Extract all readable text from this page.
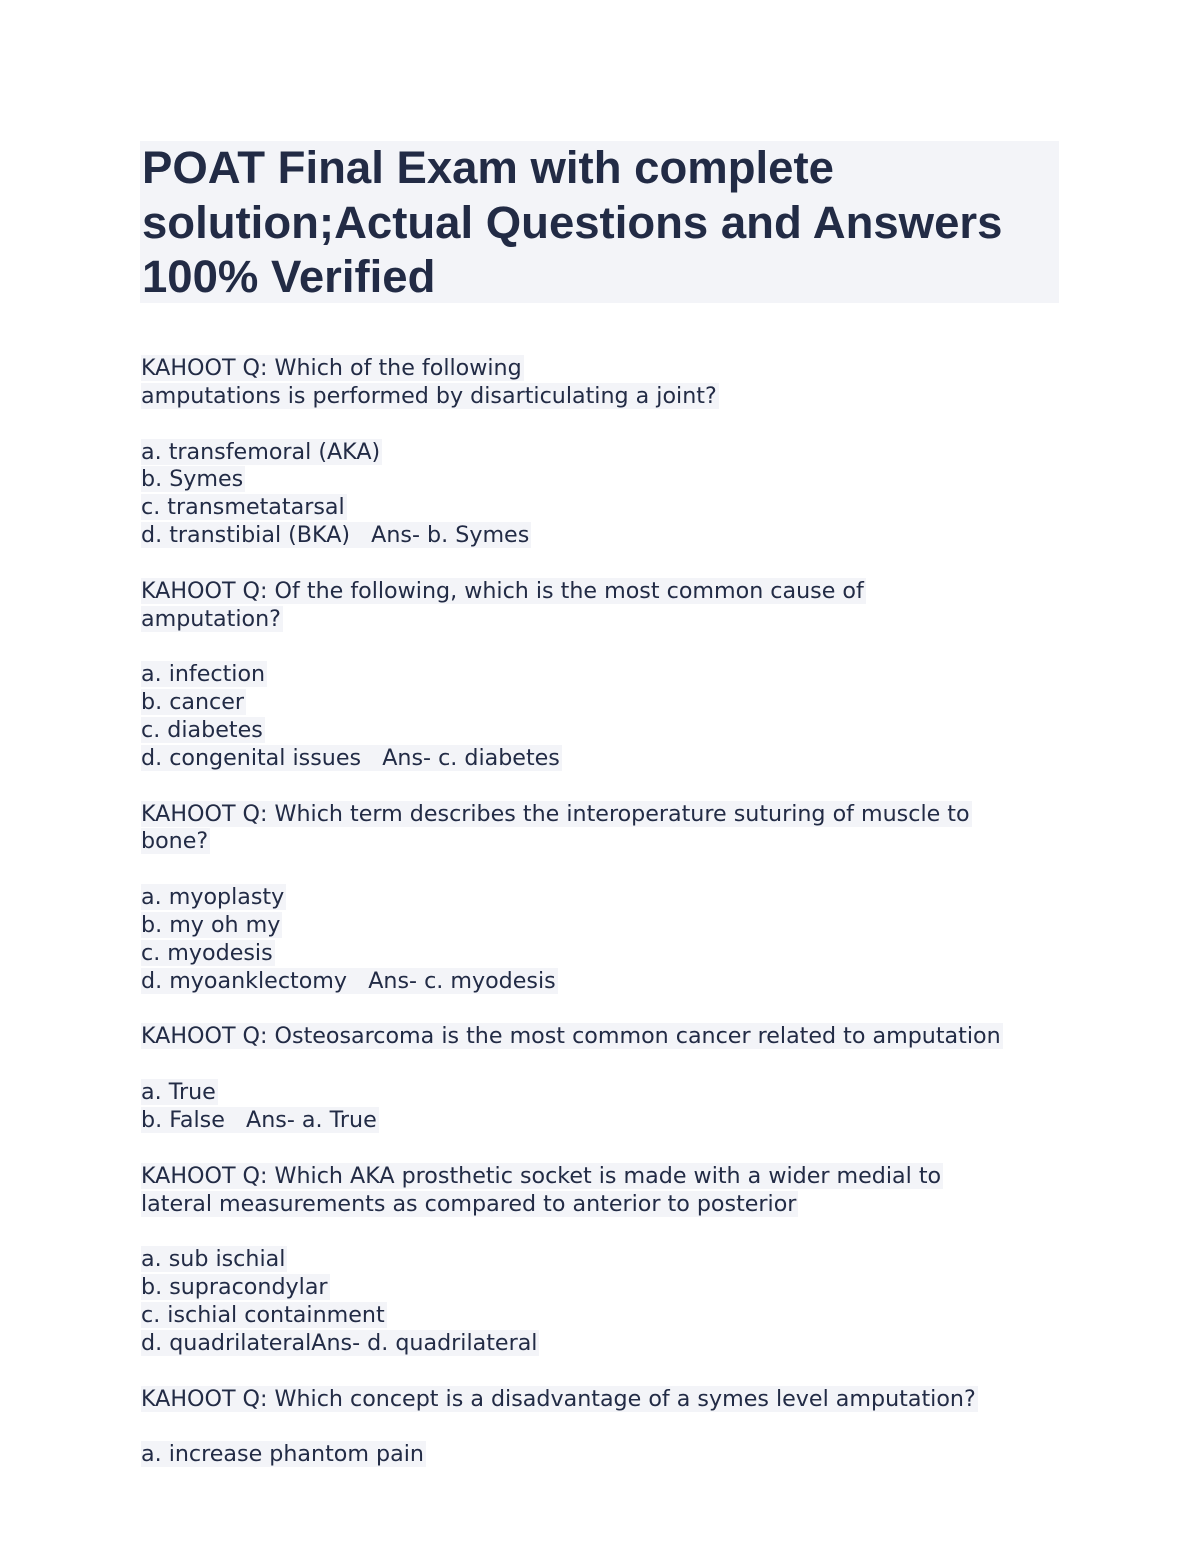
POAT Final Exam with complete
solution;Actual Questions and Answers
100% Verified
KAHOOT Q: Which of the following
amputations is performed by disarticulating a joint?
a. transfemoral (AKA)
b. Symes
c. transmetatarsal
d. transtibial (BKA)   Ans- b. Symes
KAHOOT Q: Of the following, which is the most common cause of
amputation?
a. infection
b. cancer
c. diabetes
d. congenital issues   Ans- c. diabetes
KAHOOT Q: Which term describes the interoperature suturing of muscle to
bone?
a. myoplasty
b. my oh my
c. myodesis
d. myoanklectomy   Ans- c. myodesis
KAHOOT Q: Osteosarcoma is the most common cancer related to amputation
a. True
b. False   Ans- a. True
KAHOOT Q: Which AKA prosthetic socket is made with a wider medial to
lateral measurements as compared to anterior to posterior
a. sub ischial
b. supracondylar
c. ischial containment
d. quadrilateralAns- d. quadrilateral
KAHOOT Q: Which concept is a disadvantage of a symes level amputation?
a. increase phantom pain
